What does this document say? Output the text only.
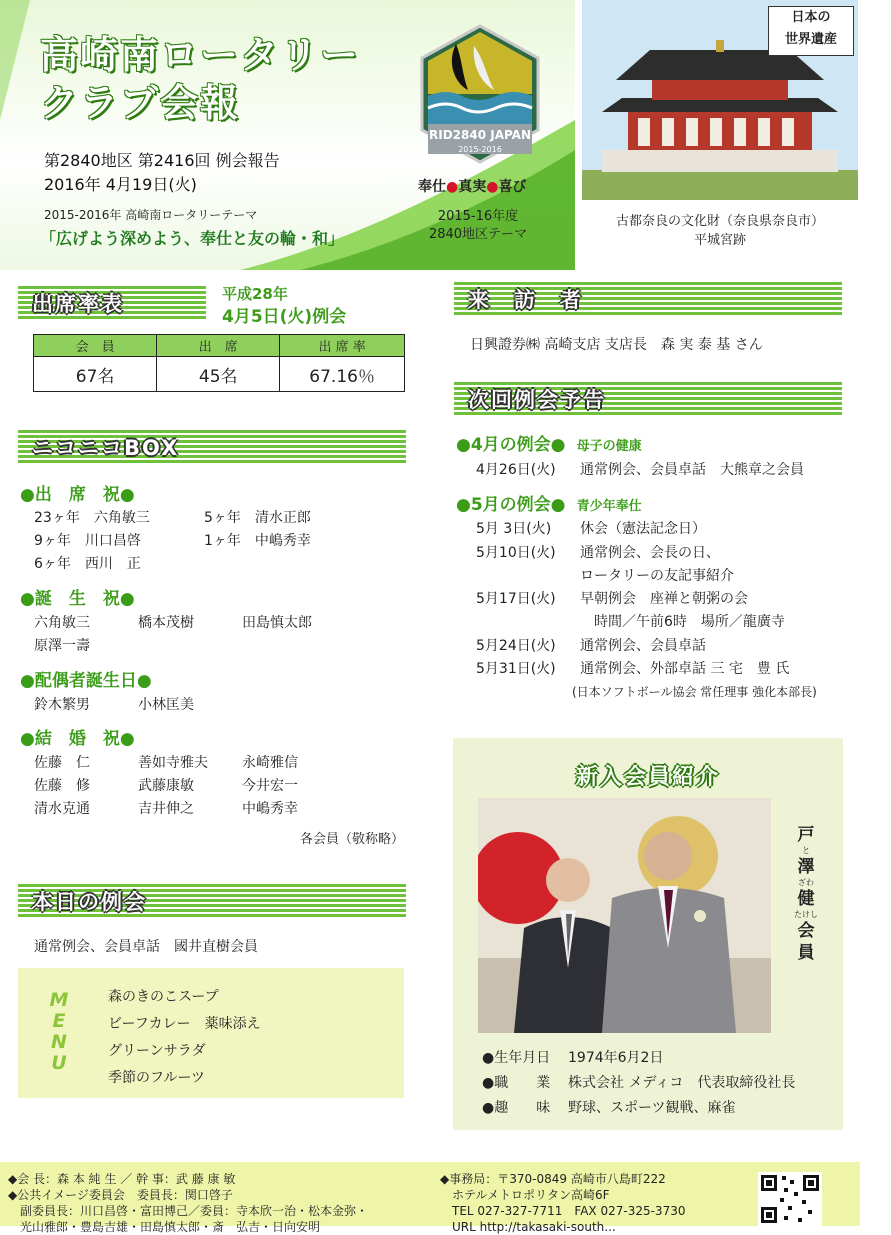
高崎南ロータリー
クラブ会報
第2840地区 第2416回 例会報告
2016年 4月19日(火)
2015-2016年 高崎南ロータリーテーマ
「広げよう深めよう、奉仕と友の輪・和」
RID2840 JAPAN
2015-2016
奉仕●真実●喜び
2015-16年度
2840地区テーマ
日本の
世界遺産
古都奈良の文化財（奈良県奈良市）
平城宮跡
出席率表	平成28年
4月5日(火)例会
会　員	出　席	出 席 率
67名	45名	67.16％
ニコニコBOX
●出　席　祝●
23ヶ年　六角敏三	5ヶ年　清水正郎
9ヶ年　川口昌啓	1ヶ年　中嶋秀幸
6ヶ年　西川　正
●誕　生　祝●
六角敏三	橋本茂樹	田島慎太郎
原澤一壽
●配偶者誕生日●
鈴木繁男	小林匡美
●結　婚　祝●
佐藤　仁	善如寺雅夫 永崎雅信
佐藤　修	武藤康敏	今井宏一
清水克通	吉井伸之	中嶋秀幸
各会員（敬称略）
本日の例会
通常例会、会員卓話　國井直樹会員
M
E
N
U
森のきのこスープ
ビーフカレー　薬味添え
グリーンサラダ
季節のフルーツ
来　訪　者
日興證券㈱ 高崎支店 支店長　森 実 泰 基 さん
次回例会予告
●4月の例会● 母子の健康
4月26日(火) 通常例会、会員卓話　大熊章之会員
●5月の例会● 青少年奉仕
5月 3日(火) 休会（憲法記念日）
5月10日(火) 通常例会、会長の日、
ロータリーの友記事紹介
5月17日(火) 早朝例会　座禅と朝粥の会
　時間／午前6時　場所／龍廣寺
5月24日(火) 通常例会、会員卓話
5月31日(火) 通常例会、外部卓話 三 宅　豊 氏
(日本ソフトボール協会 常任理事 強化本部長)
新入会員紹介
戸
と
澤
ざわ
健
たけし
会
員
●生年月日 1974年6月2日
●職　　業 株式会社 メディコ　代表取締役社長
●趣　　味 野球、スポーツ観戦、麻雀
◆会 長：森 本 純 生 ／ 幹 事：武 藤 康 敏
◆公共イメージ委員会　委員長：関口啓子
　副委員長：川口昌啓・富田博己／委員：寺本欣一治・松本金弥・
　光山雅郎・豊島吉雄・田島慎太郎・斎　弘吉・日向安明
◆事務局：〒370-0849 高崎市八島町222
　ホテルメトロポリタン高崎6F
　TEL 027-327-7711　FAX 027-325-3730
　URL http://takasaki-south...
